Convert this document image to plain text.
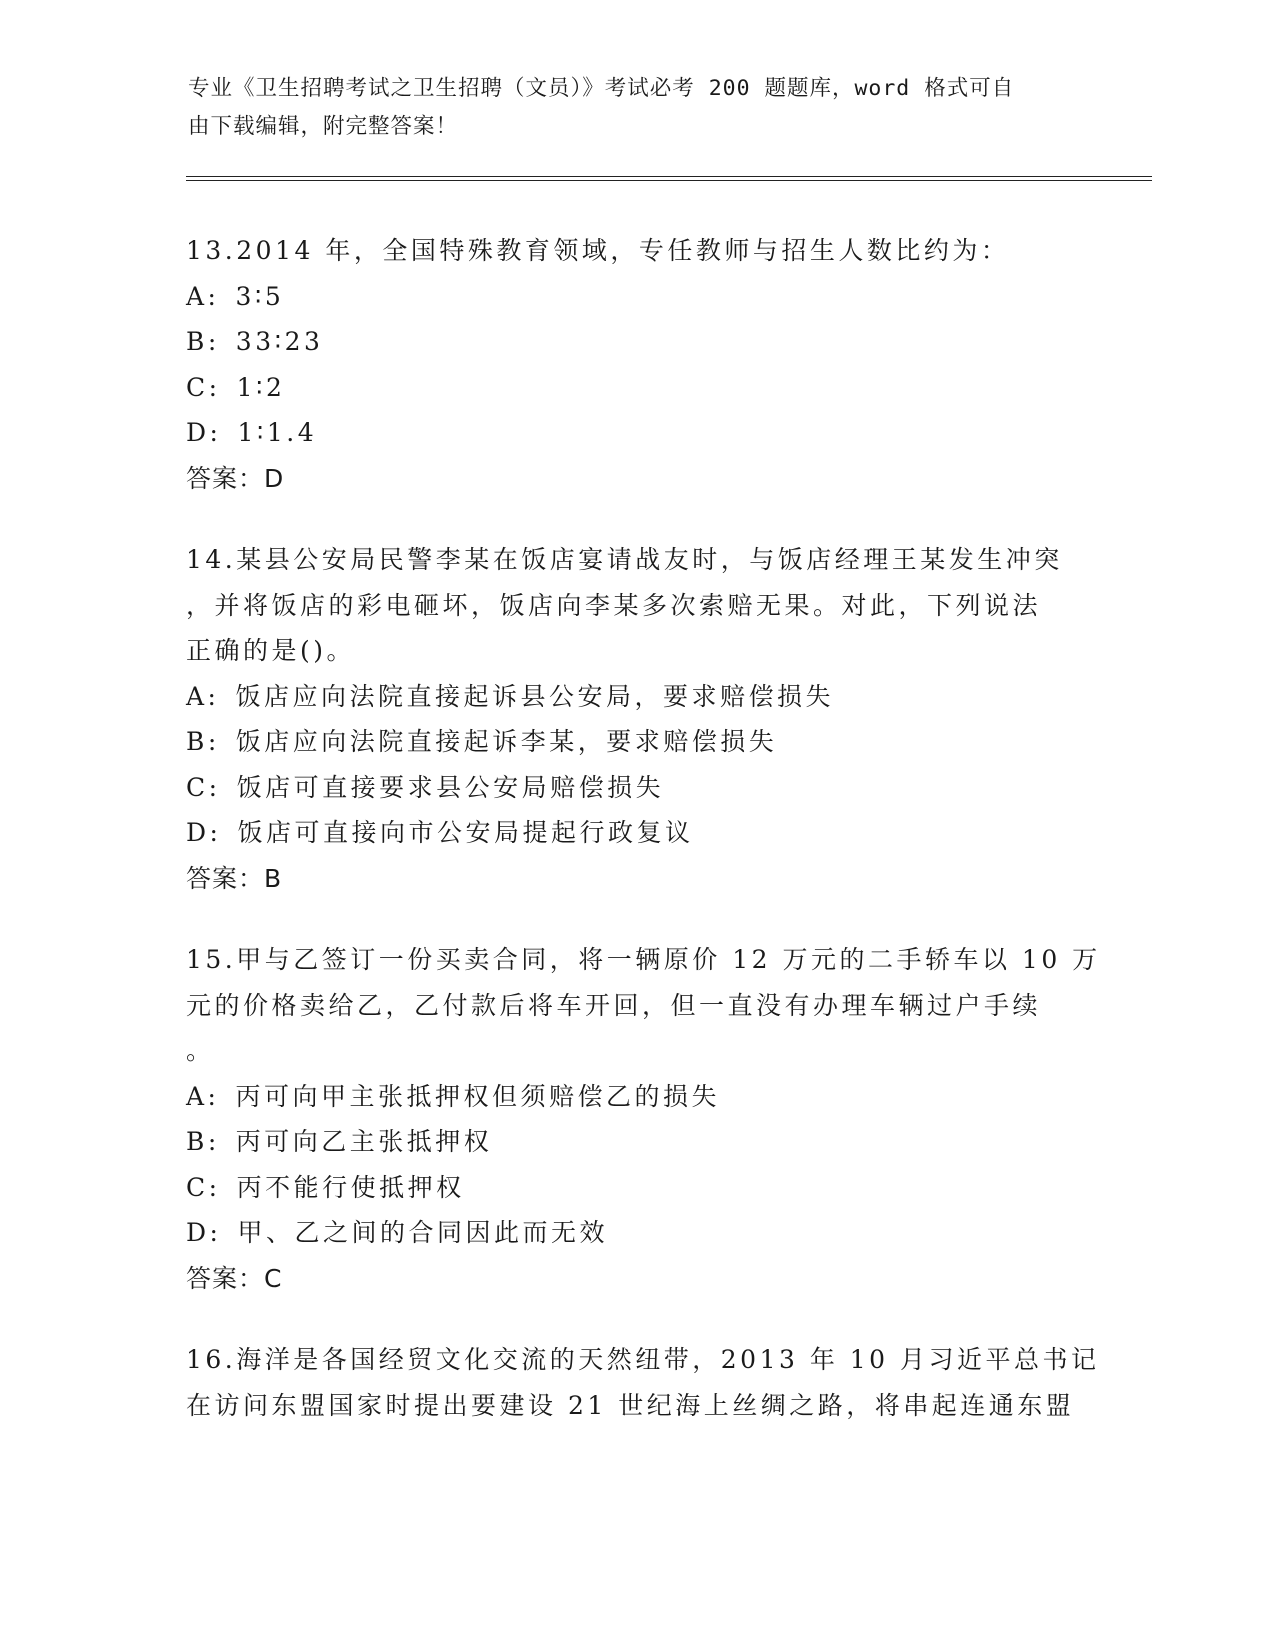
专业《卫生招聘考试之卫生招聘（文员）》考试必考 200 题题库，word 格式可自
由下载编辑，附完整答案！
13.2014 年，全国特殊教育领域，专任教师与招生人数比约为：
A: 3∶5
B: 33∶23
C: 1∶2
D: 1∶1.4
答案：D
14.某县公安局民警李某在饭店宴请战友时，与饭店经理王某发生冲突
，并将饭店的彩电砸坏，饭店向李某多次索赔无果。对此，下列说法
正确的是()。
A: 饭店应向法院直接起诉县公安局，要求赔偿损失
B: 饭店应向法院直接起诉李某，要求赔偿损失
C: 饭店可直接要求县公安局赔偿损失
D: 饭店可直接向市公安局提起行政复议
答案：B
15.甲与乙签订一份买卖合同，将一辆原价 12 万元的二手轿车以 10 万
元的价格卖给乙，乙付款后将车开回，但一直没有办理车辆过户手续
。
A: 丙可向甲主张抵押权但须赔偿乙的损失
B: 丙可向乙主张抵押权
C: 丙不能行使抵押权
D: 甲、乙之间的合同因此而无效
答案：C
16.海洋是各国经贸文化交流的天然纽带，2013 年 10 月习近平总书记
在访问东盟国家时提出要建设 21 世纪海上丝绸之路，将串起连通东盟
